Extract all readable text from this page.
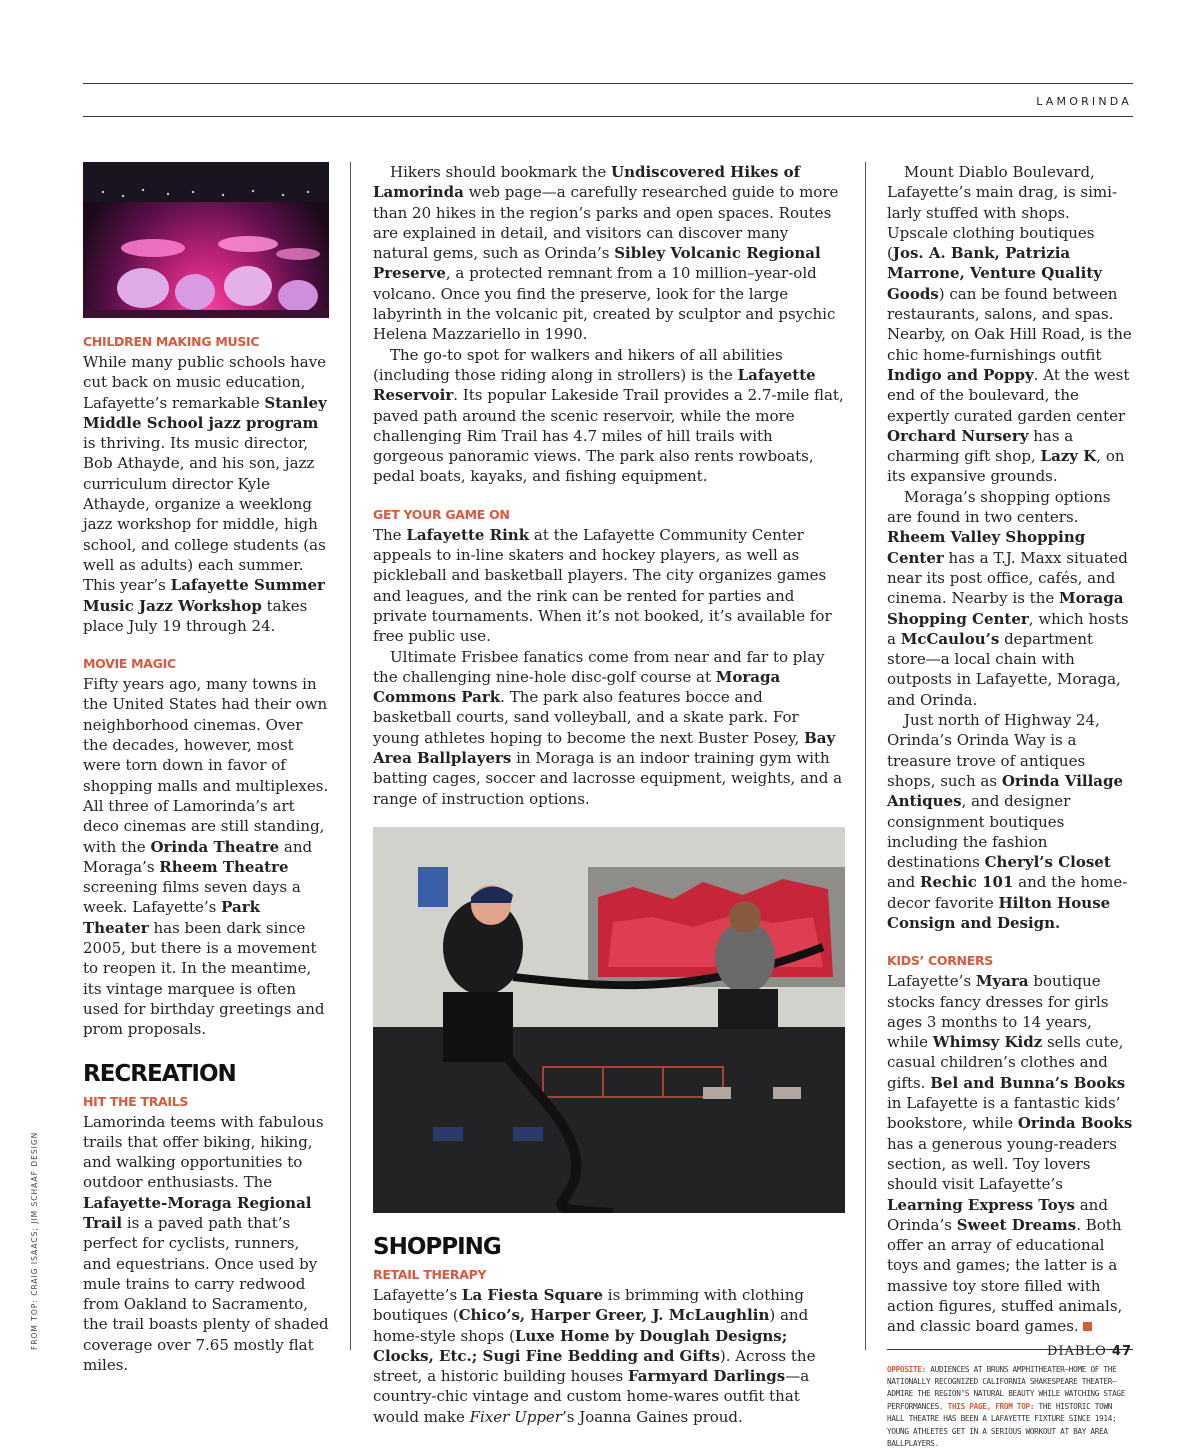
LAMORINDA
FROM TOP: CRAIG ISAACS; JIM SCHAAF DESIGN

CHILDREN MAKING MUSIC

While many public schools have cut back on music education, Lafayette’s remarkable Stanley Middle School jazz program is thriving. Its music director, Bob Athayde, and his son, jazz curriculum director Kyle Athayde, organize a weeklong jazz workshop for middle, high school, and college students (as well as adults) each summer. This year’s Lafayette Summer Music Jazz Workshop takes place July 19 through 24.

MOVIE MAGIC

Fifty years ago, many towns in the United States had their own neighborhood cinemas. Over the decades, however, most were torn down in favor of shopping malls and multiplexes. All three of Lamorinda’s art deco cinemas are still standing, with the Orinda Theatre and Moraga’s Rheem Theatre screening films seven days a week. Lafayette’s Park Theater has been dark since 2005, but there is a movement to reopen it. In the meantime, its vintage marquee is often used for birthday greetings and prom proposals.

RECREATION

HIT THE TRAILS

Lamorinda teems with fabulous trails that offer biking, hiking, and walking opportunities to outdoor enthusiasts. The Lafayette-Moraga Regional Trail is a paved path that’s perfect for cyclists, runners, and equestrians. Once used by mule trains to carry redwood from Oakland to Sacramento, the trail boasts plenty of shaded coverage over 7.65 mostly flat miles.

Hikers should bookmark the Undiscovered Hikes of Lamorinda web page—a carefully researched guide to more than 20 hikes in the region’s parks and open spaces. Routes are explained in detail, and visitors can discover many natural gems, such as Orinda’s Sibley Volcanic Regional Preserve, a protected remnant from a 10 million–year-old volcano. Once you find the preserve, look for the large labyrinth in the volcanic pit, created by sculptor and psychic Helena Mazzariello in 1990.

The go-to spot for walkers and hikers of all abilities (including those riding along in strollers) is the Lafayette Reservoir. Its popular Lakeside Trail provides a 2.7-mile flat, paved path around the scenic reservoir, while the more challenging Rim Trail has 4.7 miles of hill trails with gorgeous panoramic views. The park also rents rowboats, pedal boats, kayaks, and fishing equipment.

GET YOUR GAME ON

The Lafayette Rink at the Lafayette Community Center appeals to in-line skaters and hockey players, as well as pickleball and basketball players. The city organizes games and leagues, and the rink can be rented for parties and private tournaments. When it’s not booked, it’s available for free public use.

Ultimate Frisbee fanatics come from near and far to play the challenging nine-hole disc-golf course at Moraga Commons Park. The park also features bocce and basketball courts, sand volleyball, and a skate park. For young athletes hoping to become the next Buster Posey, Bay Area Ballplayers in Moraga is an indoor training gym with batting cages, soccer and lacrosse equipment, weights, and a range of instruction options.

SHOPPING

RETAIL THERAPY

Lafayette’s La Fiesta Square is brimming with clothing boutiques (Chico’s, Harper Greer, J. McLaughlin) and home-style shops (Luxe Home by Douglah Designs; Clocks, Etc.; Sugi Fine Bedding and Gifts). Across the street, a historic building houses Farmyard Darlings—a country-chic vintage and custom home-wares outfit that would make Fixer Upper’s Joanna Gaines proud.

Mount Diablo Boulevard, Lafayette’s main drag, is similarly stuffed with shops. Upscale clothing boutiques (Jos. A. Bank, Patrizia Marrone, Venture Quality Goods) can be found between restaurants, salons, and spas. Nearby, on Oak Hill Road, is the chic home-furnishings outfit Indigo and Poppy. At the west end of the boulevard, the expertly curated garden center Orchard Nursery has a charming gift shop, Lazy K, on its expansive grounds.

Moraga’s shopping options are found in two centers. Rheem Valley Shopping Center has a T.J. Maxx situated near its post office, cafés, and cinema. Nearby is the Moraga Shopping Center, which hosts a McCaulou’s department store—a local chain with outposts in Lafayette, Moraga, and Orinda.

Just north of Highway 24, Orinda’s Orinda Way is a treasure trove of antiques shops, such as Orinda Village Antiques, and designer consignment boutiques including the fashion destinations Cheryl’s Closet and Rechic 101 and the home-decor favorite Hilton House Consign and Design.

KIDS’ CORNERS

Lafayette’s Myara boutique stocks fancy dresses for girls ages 3 months to 14 years, while Whimsy Kidz sells cute, casual children’s clothes and gifts. Bel and Bunna’s Books in Lafayette is a fantastic kids’ bookstore, while Orinda Books has a generous young-readers section, as well. Toy lovers should visit Lafayette’s Learning Express Toys and Orinda’s Sweet Dreams. Both offer an array of educational toys and games; the latter is a massive toy store filled with action figures, stuffed animals, and classic board games.

OPPOSITE: AUDIENCES AT BRUNS AMPHITHEATER—HOME OF THE NATIONALLY RECOGNIZED CALIFORNIA SHAKESPEARE THEATER—ADMIRE THE REGION’S NATURAL BEAUTY WHILE WATCHING STAGE PERFORMANCES. THIS PAGE, FROM TOP: THE HISTORIC TOWN HALL THEATRE HAS BEEN A LAFAYETTE FIXTURE SINCE 1914; YOUNG ATHLETES GET IN A SERIOUS WORKOUT AT BAY AREA BALLPLAYERS.

DIABLO 47
